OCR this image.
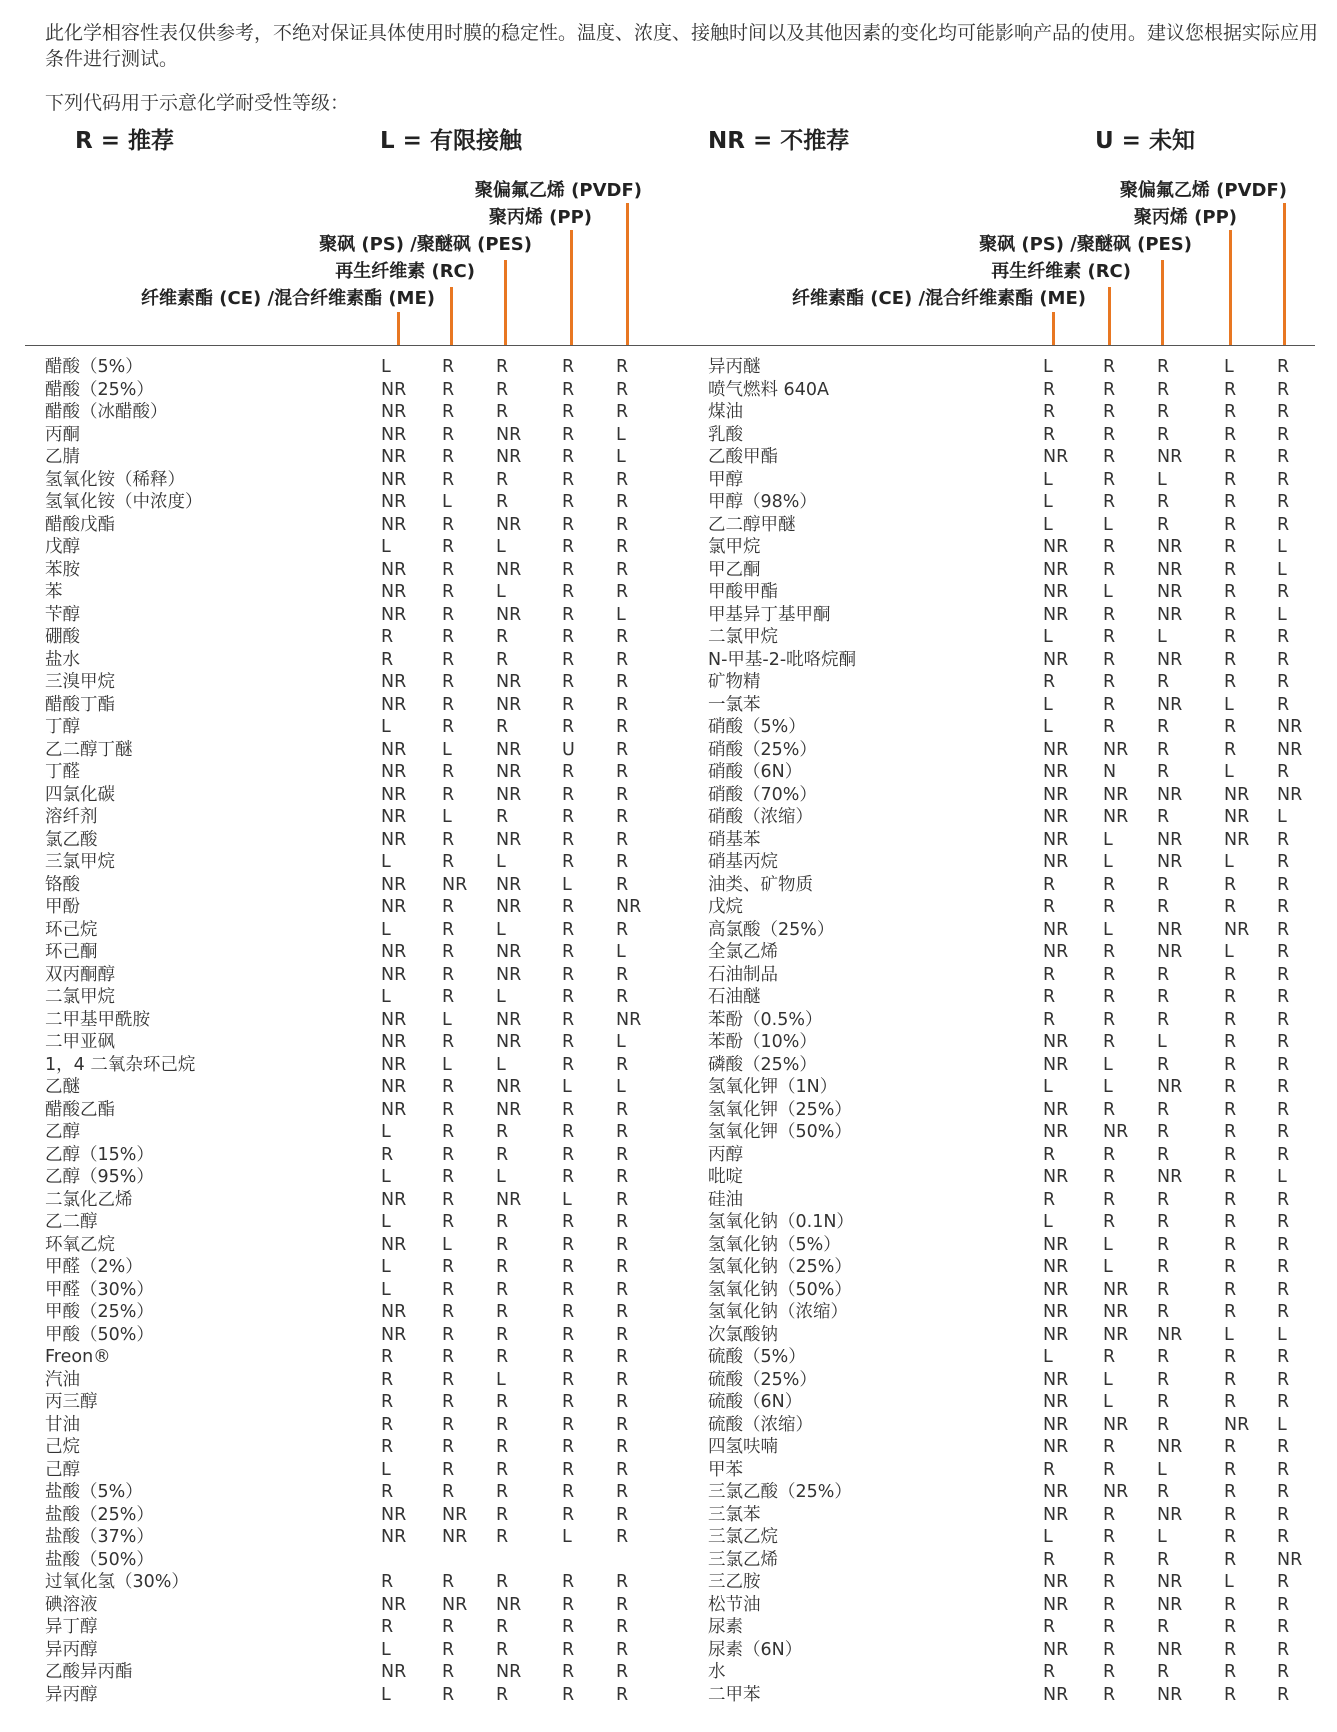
此化学相容性表仅供参考，不绝对保证具体使用时膜的稳定性。温度、浓度、接触时间以及其他因素的变化均可能影响产品的使用。建议您根据实际应用条件进行测试。
下列代码用于示意化学耐受性等级：
R = 推荐	L = 有限接触	NR = 不推荐	U = 未知
聚偏氟乙烯 (PVDF)
聚丙烯 (PP)
聚砜 (PS) /聚醚砜 (PES)
再生纤维素 (RC)
纤维素酯 (CE) /混合纤维素酯 (ME)
聚偏氟乙烯 (PVDF)
聚丙烯 (PP)
聚砜 (PS) /聚醚砜 (PES)
再生纤维素 (RC)
纤维素酯 (CE) /混合纤维素酯 (ME)
醋酸（5%）	L	R R	R R
醋酸（25%）	NR R R	R R
醋酸（冰醋酸）	NR R R	R R
丙酮	NR R NR R L
乙腈	NR R NR R L
氢氧化铵（稀释）	NR R R	R R
氢氧化铵（中浓度）	NR L	R	R R
醋酸戊酯	NR R NR R R
戊醇	L	R L	R R
苯胺	NR R NR R R
苯	NR R L	R R
苄醇	NR R NR R L
硼酸	R	R R	R R
盐水	R	R R	R R
三溴甲烷	NR R NR R R
醋酸丁酯	NR R NR R R
丁醇	L	R R	R R
乙二醇丁醚	NR L	NR U R
丁醛	NR R NR R R
四氯化碳	NR R NR R R
溶纤剂	NR L	R	R R
氯乙酸	NR R NR R R
三氯甲烷	L	R L	R R
铬酸	NR NR NR L	R
甲酚	NR R NR R NR
环己烷	L	R L	R R
环己酮	NR R NR R L
双丙酮醇	NR R NR R R
二氯甲烷	L	R L	R R
二甲基甲酰胺	NR L	NR R NR
二甲亚砜	NR R NR R L
1，4 二氧杂环己烷	NR L	L	R R
乙醚	NR R NR L	L
醋酸乙酯	NR R NR R R
乙醇	L	R R	R R
乙醇（15%）	R	R R	R R
乙醇（95%）	L	R L	R R
二氯化乙烯	NR R NR L	R
乙二醇	L	R R	R R
环氧乙烷	NR L	R	R R
甲醛（2%）	L	R R	R R
甲醛（30%）	L	R R	R R
甲酸（25%）	NR R R	R R
甲酸（50%）	NR R R	R R
Freon®	R	R R	R R
汽油	R	R L	R R
丙三醇	R	R R	R R
甘油	R	R R	R R
己烷	R	R R	R R
己醇	L	R R	R R
盐酸（5%）	R	R R	R R
盐酸（25%）	NR NR R	R R
盐酸（37%）	NR NR R	L	R
盐酸（50%）
过氧化氢（30%）	R	R R	R R
碘溶液	NR NR NR R R
异丁醇	R	R R	R R
异丙醇	L	R R	R R
乙酸异丙酯	NR R NR R R
异丙醇	L	R R	R R
异丙醚	L	R R	L R
喷气燃料 640A	R	R R	R R
煤油	R	R R	R R
乳酸	R	R R	R R
乙酸甲酯	NR R NR R R
甲醇	L	R L	R R
甲醇（98%）	L	R R	R R
乙二醇甲醚	L	L	R	R R
氯甲烷	NR R NR R L
甲乙酮	NR R NR R L
甲酸甲酯	NR L	NR R R
甲基异丁基甲酮	NR R NR R L
二氯甲烷	L	R L	R R
N-甲基-2-吡咯烷酮	NR R NR R R
矿物精	R	R R	R R
一氯苯	L	R NR L R
硝酸（5%）	L	R R	R NR
硝酸（25%）	NR NR R	R NR
硝酸（6N）	NR N R	L R
硝酸（70%）	NR NR NR NR NR
硝酸（浓缩）	NR NR R	NR L
硝基苯	NR L	NR NR R
硝基丙烷	NR L	NR L R
油类、矿物质	R	R R	R R
戊烷	R	R R	R R
高氯酸（25%）	NR L	NR NR R
全氯乙烯	NR R NR L R
石油制品	R	R R	R R
石油醚	R	R R	R R
苯酚（0.5%）	R	R R	R R
苯酚（10%）	NR R L	R R
磷酸（25%）	NR L	R	R R
氢氧化钾（1N）	L	L	NR R R
氢氧化钾（25%）	NR R R	R R
氢氧化钾（50%）	NR NR R	R R
丙醇	R	R R	R R
吡啶	NR R NR R L
硅油	R	R R	R R
氢氧化钠（0.1N）	L	R R	R R
氢氧化钠（5%）	NR L	R	R R
氢氧化钠（25%）	NR L	R	R R
氢氧化钠（50%）	NR NR R	R R
氢氧化钠（浓缩）	NR NR R	R R
次氯酸钠	NR NR NR L L
硫酸（5%）	L	R R	R R
硫酸（25%）	NR L	R	R R
硫酸（6N）	NR L	R	R R
硫酸（浓缩）	NR NR R	NR L
四氢呋喃	NR R NR R R
甲苯	R	R L	R R
三氯乙酸（25%）	NR NR R	R R
三氯苯	NR R NR R R
三氯乙烷	L	R L	R R
三氯乙烯	R	R R	R NR
三乙胺	NR R NR L R
松节油	NR R NR R R
尿素	R	R R	R R
尿素（6N）	NR R NR R R
水	R	R R	R R
二甲苯	NR R NR R R
